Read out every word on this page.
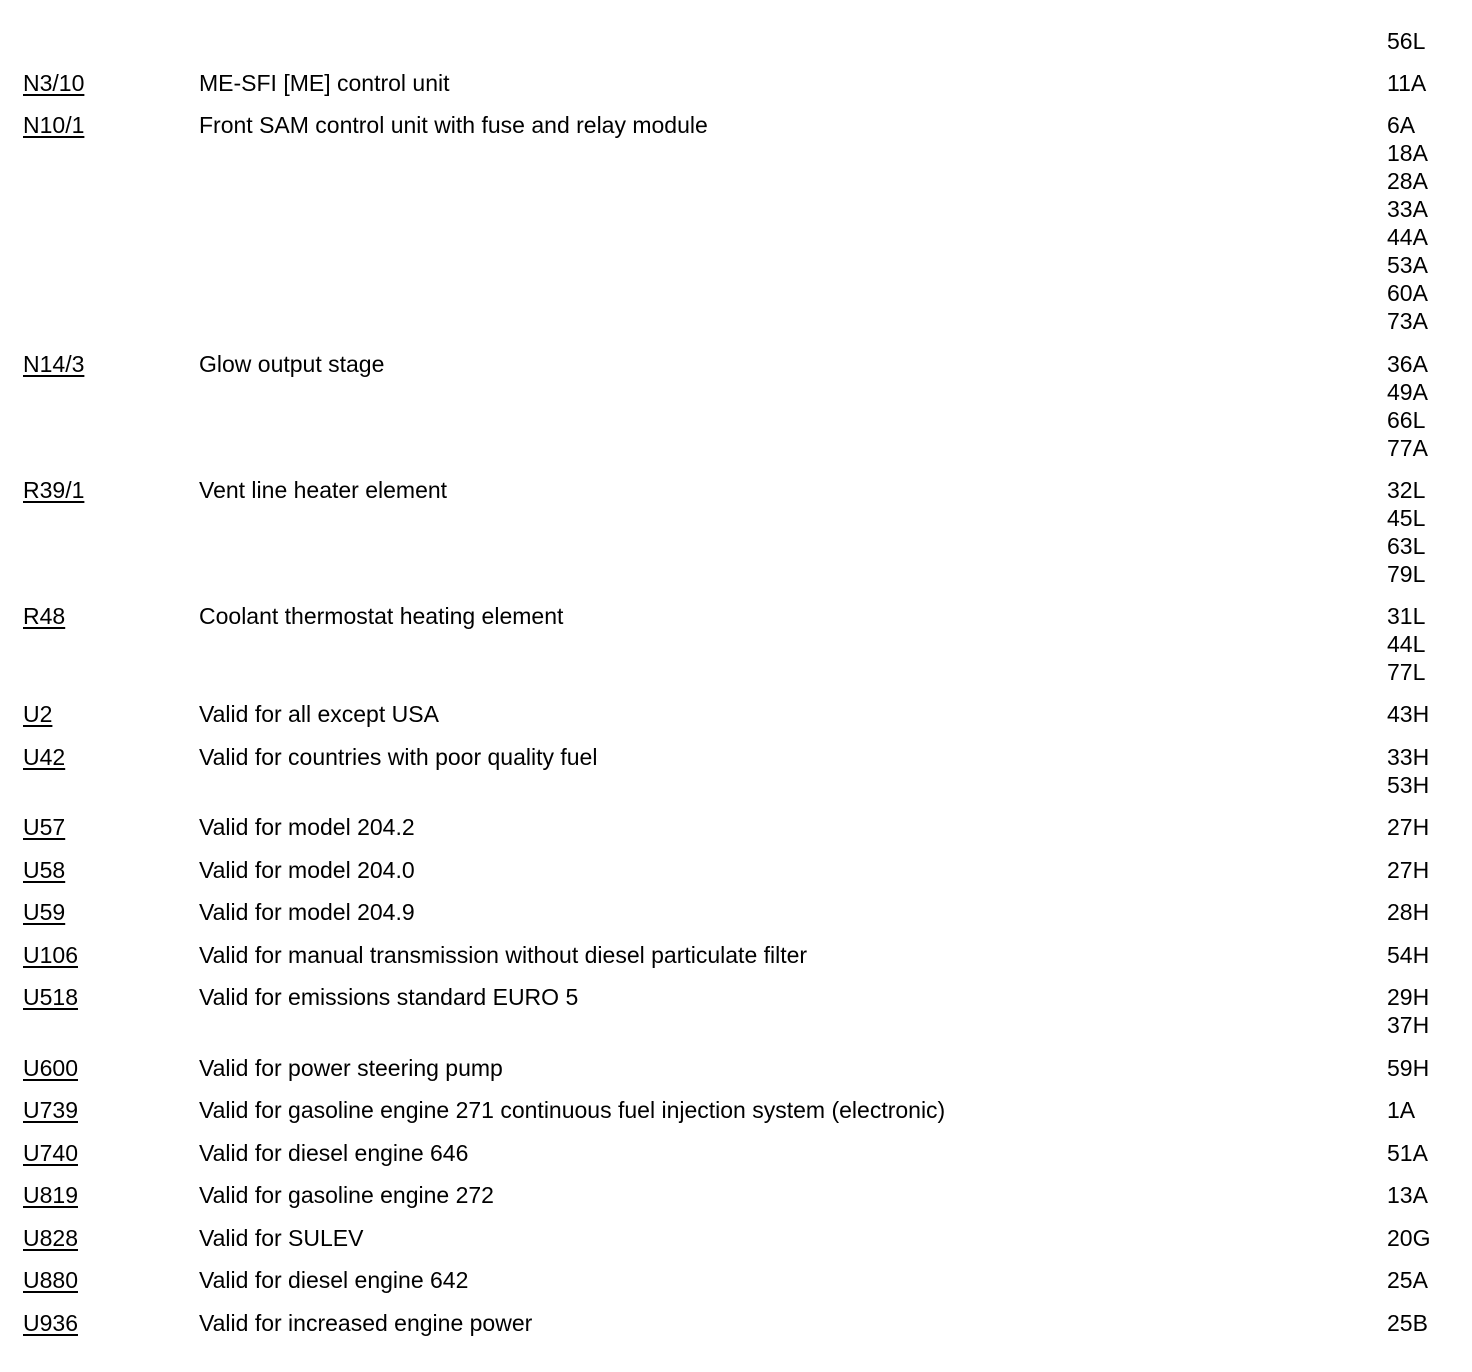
56L
N3/10	ME-SFI [ME] control unit	11A
N10/1	Front SAM control unit with fuse and relay module	6A
18A
28A
33A
44A
53A
60A
73A
N14/3	Glow output stage	36A
49A
66L
77A
R39/1	Vent line heater element	32L
45L
63L
79L
R48	Coolant thermostat heating element	31L
44L
77L
U2	Valid for all except USA	43H
U42	Valid for countries with poor quality fuel	33H
53H
U57	Valid for model 204.2	27H
U58	Valid for model 204.0	27H
U59	Valid for model 204.9	28H
U106	Valid for manual transmission without diesel particulate filter	54H
U518	Valid for emissions standard EURO 5	29H
37H
U600	Valid for power steering pump	59H
U739	Valid for gasoline engine 271 continuous fuel injection system (electronic)	1A
U740	Valid for diesel engine 646	51A
U819	Valid for gasoline engine 272	13A
U828	Valid for SULEV	20G
U880	Valid for diesel engine 642	25A
U936	Valid for increased engine power	25B
